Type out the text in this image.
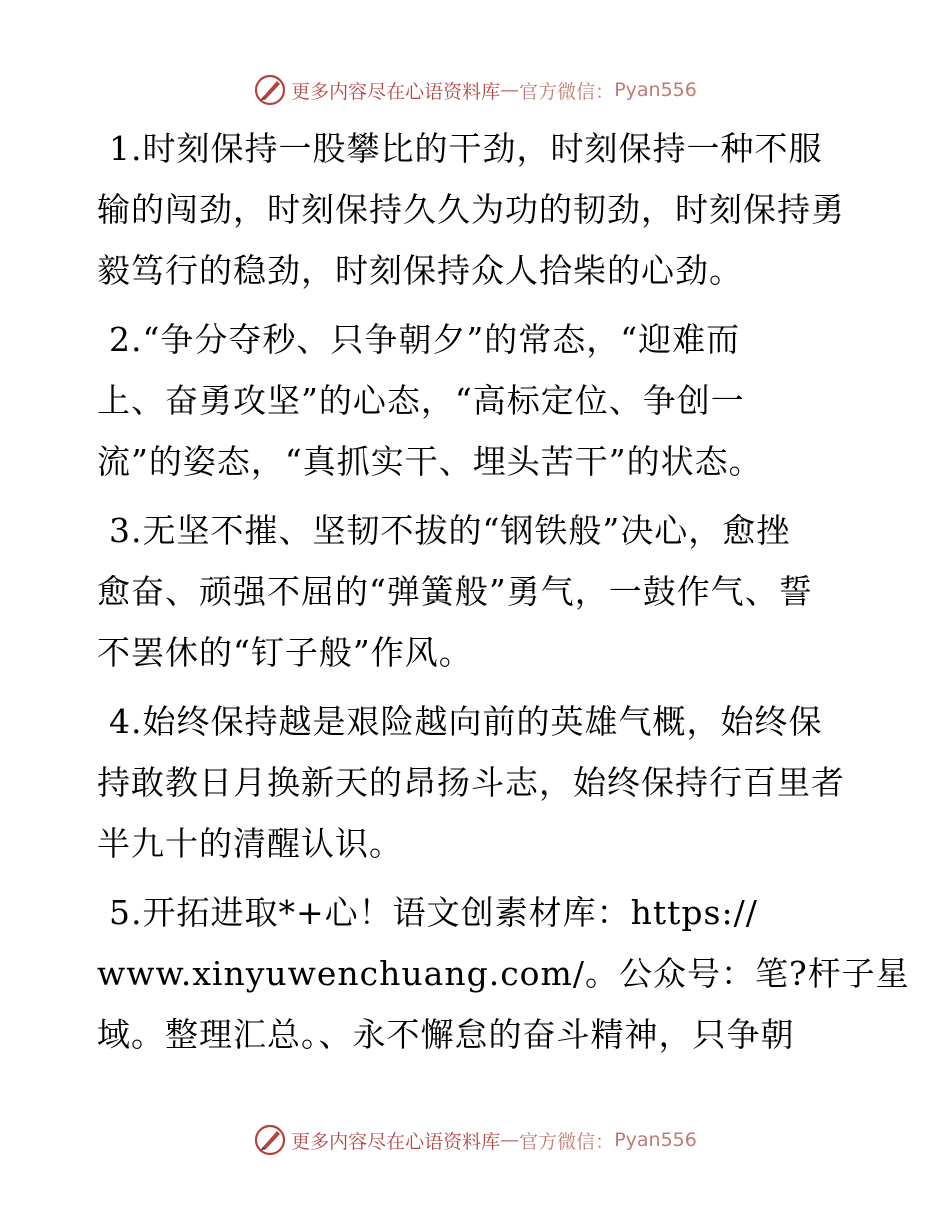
更多内容尽在心语资料库 — 官方微信： Pyan556

1.时刻保持一股攀比的干劲，时刻保持一种不服
输的闯劲，时刻保持久久为功的韧劲，时刻保持勇
毅笃行的稳劲，时刻保持众人拾柴的心劲。

2.“争分夺秒、只争朝夕”的常态，“迎难而
上、奋勇攻坚”的心态，“高标定位、争创一
流”的姿态，“真抓实干、埋头苦干”的状态。

3.无坚不摧、坚韧不拔的“钢铁般”决心，愈挫
愈奋、顽强不屈的“弹簧般”勇气，一鼓作气、誓
不罢休的“钉子般”作风。

4.始终保持越是艰险越向前的英雄气概，始终保
持敢教日月换新天的昂扬斗志，始终保持行百里者
半九十的清醒认识。

5.开拓进取*+心！语文创素材库：https://
www.xinyuwenchuang.com/。公众号：笔?杆子星
域。整理汇总。、永不懈怠的奋斗精神，只争朝

更多内容尽在心语资料库 — 官方微信： Pyan556
